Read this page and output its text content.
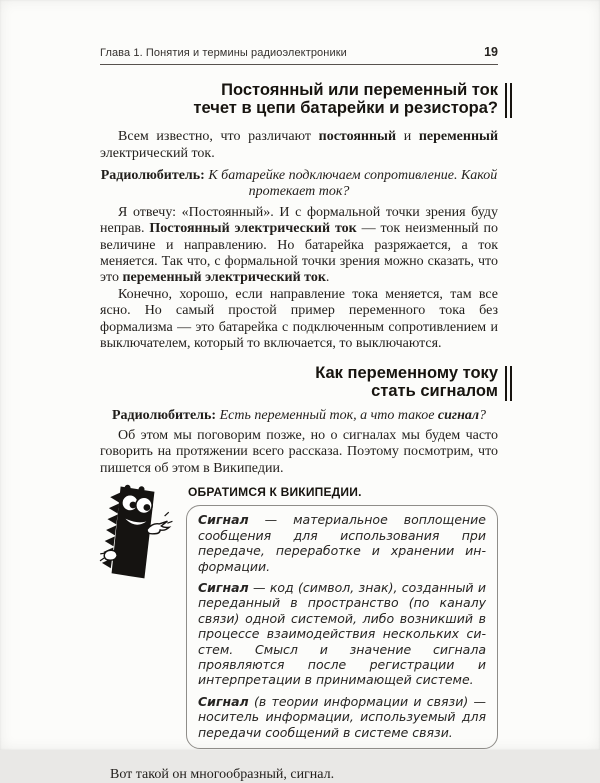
Глава 1. Понятия и термины радиоэлектроники	19
Постоянный или переменный ток
течет в цепи батарейки и резистора?

Всем известно, что различают постоянный и переменный электрический ток.

Радиолюбитель: К батарейке подключаем сопротивление. Какой протекает ток?

Я отвечу: «Постоянный». И с формальной точки зрения буду неправ. Постоянный электрический ток — ток неизменный по величине и направлению. Но батарейка разряжается, а ток меняется. Так что, с формальной точки зрения можно сказать, что это переменный электрический ток.

Конечно, хорошо, если направление тока меняется, там все ясно. Но самый простой пример переменного тока без формализма — это батарейка с подключенным сопротивлением и выключателем, который то включается, то выключаются.

Как переменному току
стать сигналом
Радиолюбитель: Есть переменный ток, а что такое сигнал?

Об этом мы поговорим позже, но о сигналах мы будем часто говорить на протяжении всего рассказа. Поэтому посмотрим, что пишется об этом в Википедии.

ОБРАТИМСЯ К ВИКИПЕДИИ.

Сигнал — материальное воплощение сообщения для использования при передаче, переработке и хранении информации.

Сигнал — код (символ, знак), созданный и переданный в пространство (по каналу связи) одной системой, либо возникший в процессе взаимодействия нескольких систем. Смысл и значение сигнала проявляются после регистрации и интерпретации в принимающей системе.

Сигнал (в теории информации и связи) — носитель информации, используемый для передачи сообщений в системе связи.

Вот такой он многообразный, сигнал.
